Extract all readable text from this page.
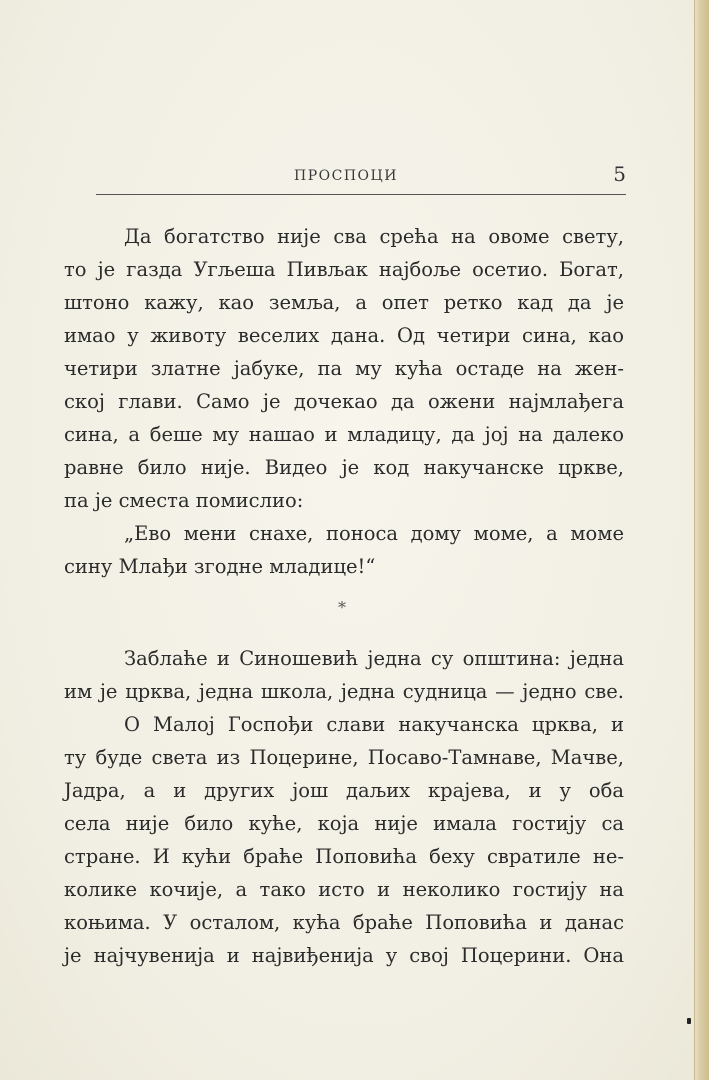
ПРОСПОЦИ	5
Да богатство није сва срећа на овоме свету,
то је газда Угљеша Пивљак најбоље осетио. Богат,
штоно кажу, као земља, а опет ретко кад да је
имао у животу веселих дана. Од четири сина, као
четири златне јабуке, па му кућа остаде на жен-
ској глави. Само је дочекао да ожени најмлађега
сина, а беше му нашао и младицу, да јој на далеко
равне било није. Видео је код накучанске цркве,
па је сместа помислио:
„Ево мени снахе, поноса дому моме, а моме
сину Млађи згодне младице!“
*
Заблаће и Синошевић једна су општина: једна
им је црква, једна школа, једна судница — једно све.
О Малој Госпођи слави накучанска црква, и
ту буде света из Поцерине, Посаво-Тамнаве, Мачве,
Јадра, а и других још даљих крајева, и у оба
села није било куће, која није имала гостију са
стране. И кући браће Поповића беху свратиле не-
колике кочије, а тако исто и неколико гостију на
коњима. У осталом, кућа браће Поповића и данас
је најчувенија и највиђенија у свој Поцерини. Она
